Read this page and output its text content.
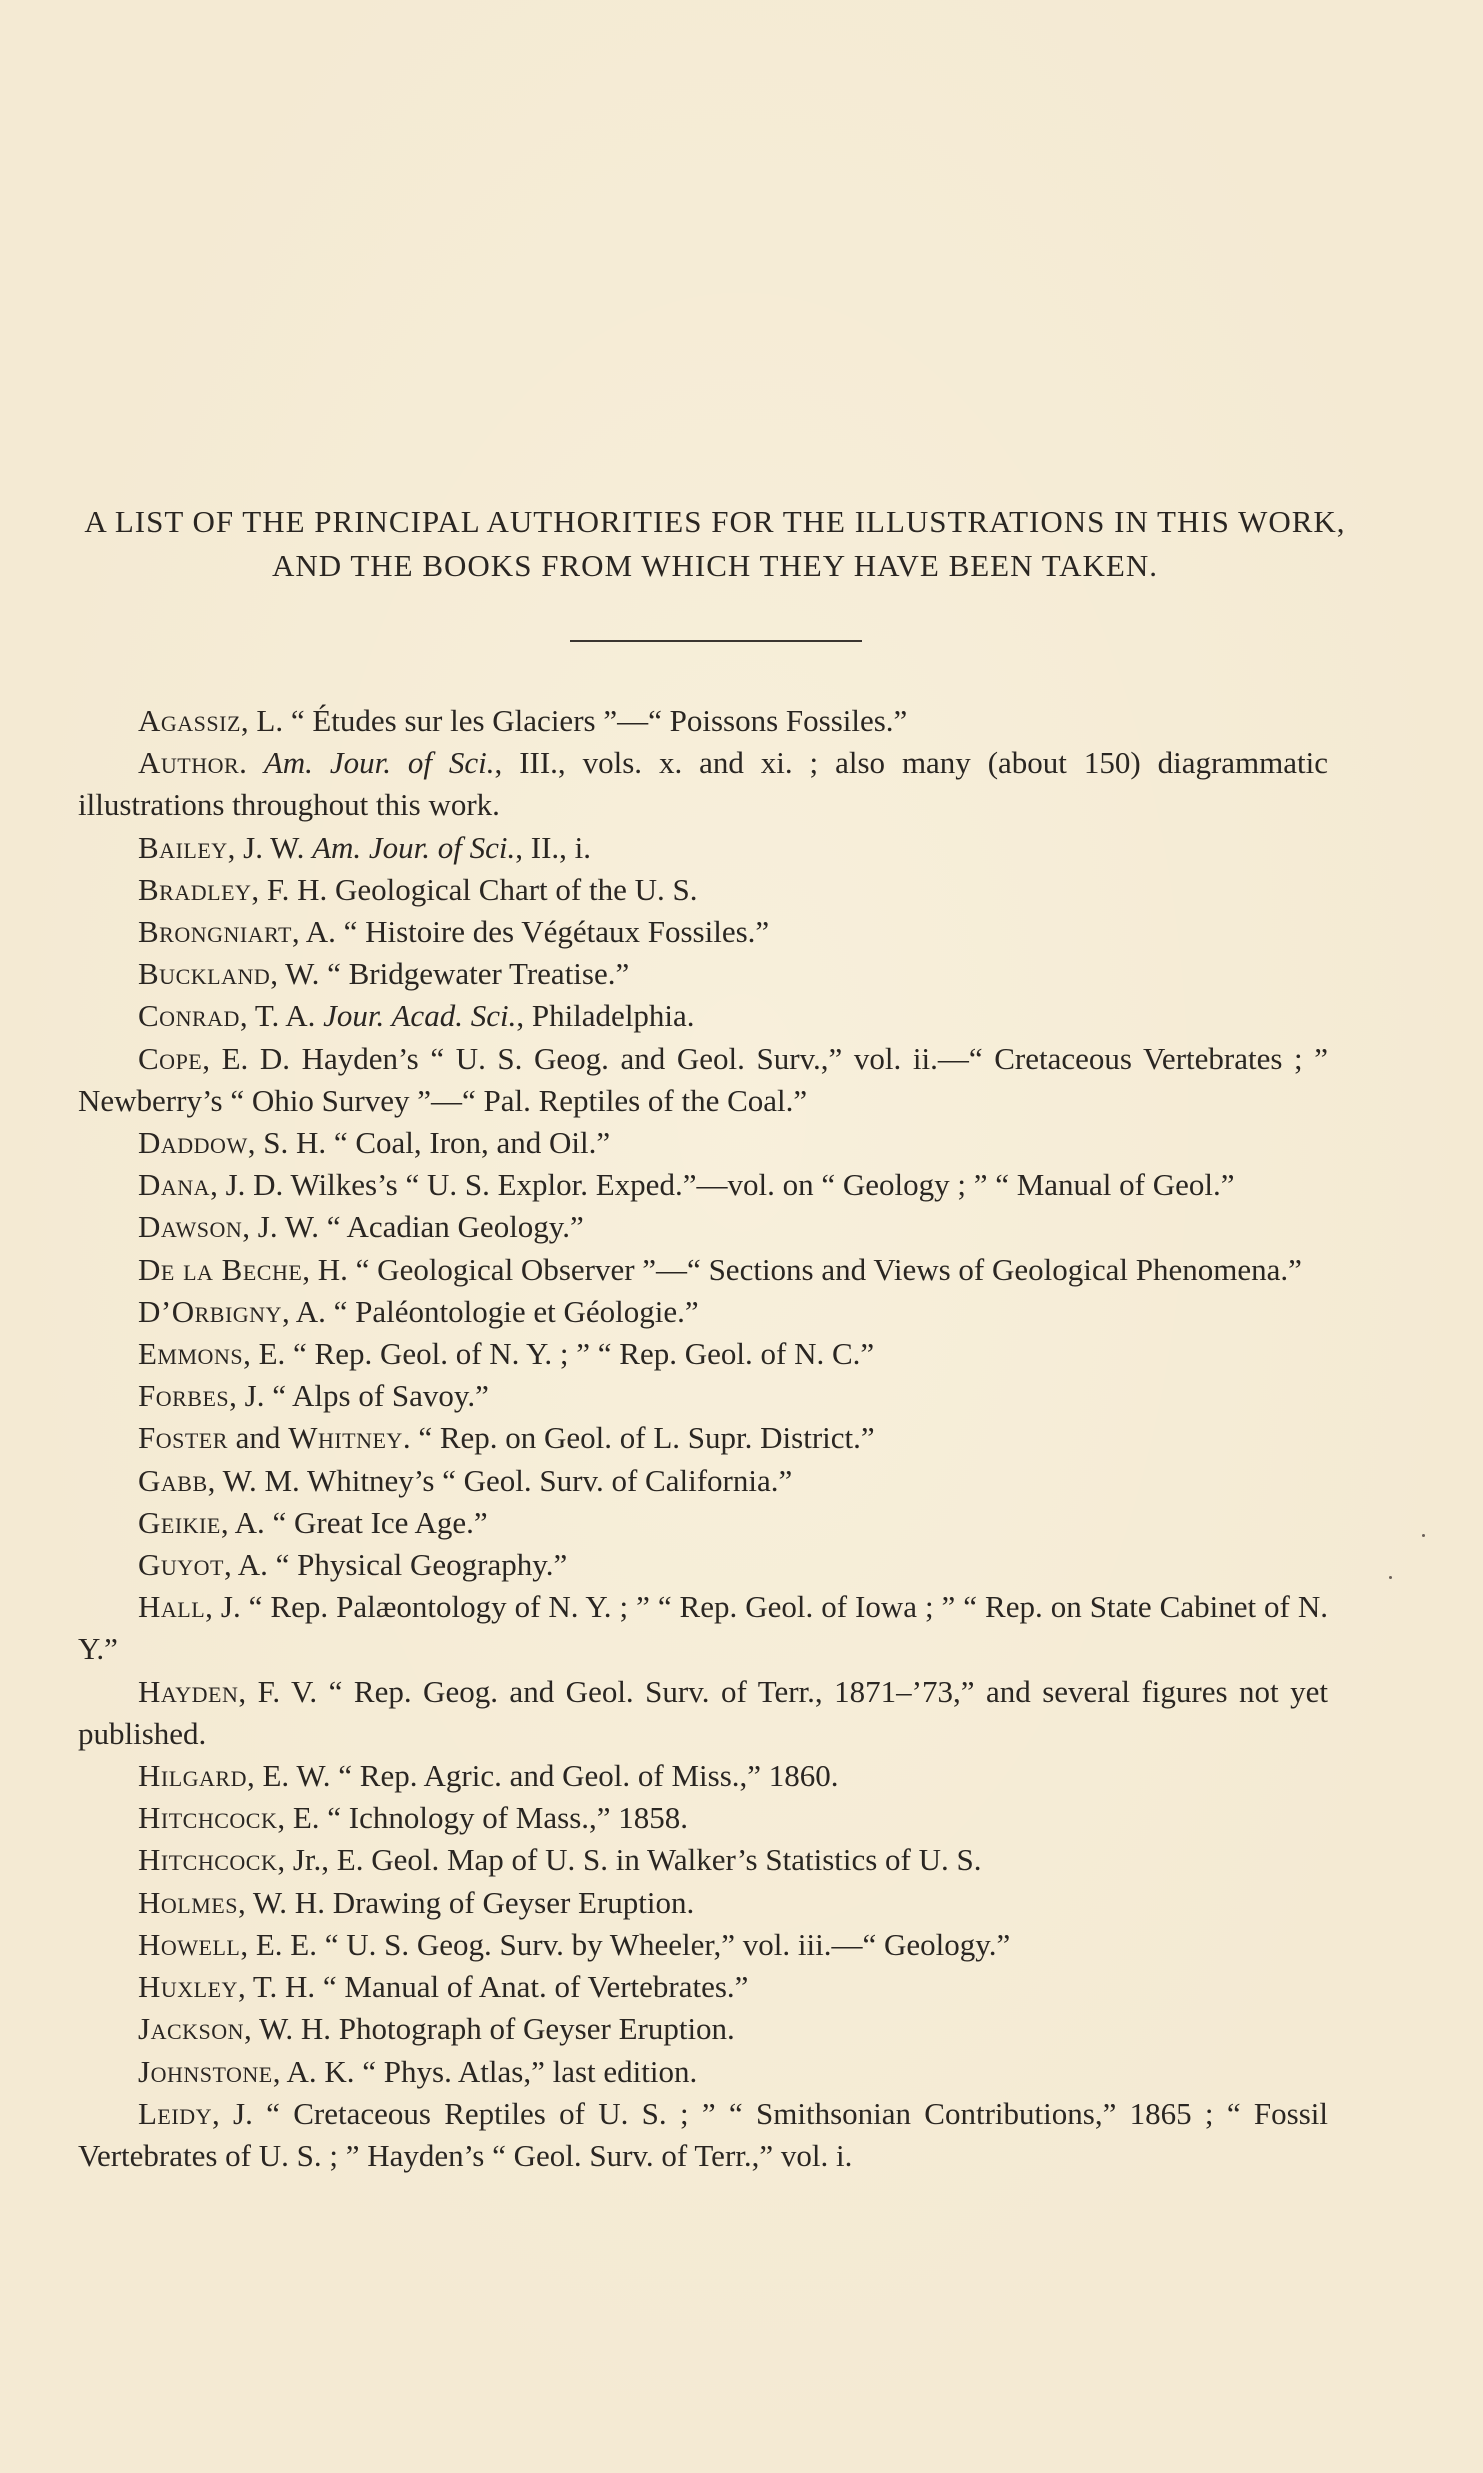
A LIST OF THE PRINCIPAL AUTHORITIES FOR THE ILLUSTRATIONS IN THIS WORK,
AND THE BOOKS FROM WHICH THEY HAVE BEEN TAKEN.

Agassiz, L. “ Études sur les Glaciers ”—“ Poissons Fossiles.”

Author. Am. Jour. of Sci., III., vols. x. and xi. ; also many (about 150) diagrammatic illustrations throughout this work.

Bailey, J. W. Am. Jour. of Sci., II., i.

Bradley, F. H. Geological Chart of the U. S.

Brongniart, A. “ Histoire des Végétaux Fossiles.”

Buckland, W. “ Bridgewater Treatise.”

Conrad, T. A. Jour. Acad. Sci., Philadelphia.

Cope, E. D. Hayden’s “ U. S. Geog. and Geol. Surv.,” vol. ii.—“ Cretaceous Vertebrates ; ” Newberry’s “ Ohio Survey ”—“ Pal. Reptiles of the Coal.”

Daddow, S. H. “ Coal, Iron, and Oil.”

Dana, J. D. Wilkes’s “ U. S. Explor. Exped.”—vol. on “ Geology ; ” “ Manual of Geol.”

Dawson, J. W. “ Acadian Geology.”

De la Beche, H. “ Geological Observer ”—“ Sections and Views of Geological Phenomena.”

D’Orbigny, A. “ Paléontologie et Géologie.”

Emmons, E. “ Rep. Geol. of N. Y. ; ” “ Rep. Geol. of N. C.”

Forbes, J. “ Alps of Savoy.”

Foster and Whitney. “ Rep. on Geol. of L. Supr. District.”

Gabb, W. M. Whitney’s “ Geol. Surv. of California.”

Geikie, A. “ Great Ice Age.”

Guyot, A. “ Physical Geography.”

Hall, J. “ Rep. Palæontology of N. Y. ; ” “ Rep. Geol. of Iowa ; ” “ Rep. on State Cabinet of N. Y.”

Hayden, F. V. “ Rep. Geog. and Geol. Surv. of Terr., 1871–’73,” and several figures not yet published.

Hilgard, E. W. “ Rep. Agric. and Geol. of Miss.,” 1860.

Hitchcock, E. “ Ichnology of Mass.,” 1858.

Hitchcock, Jr., E. Geol. Map of U. S. in Walker’s Statistics of U. S.

Holmes, W. H. Drawing of Geyser Eruption.

Howell, E. E. “ U. S. Geog. Surv. by Wheeler,” vol. iii.—“ Geology.”

Huxley, T. H. “ Manual of Anat. of Vertebrates.”

Jackson, W. H. Photograph of Geyser Eruption.

Johnstone, A. K. “ Phys. Atlas,” last edition.

Leidy, J. “ Cretaceous Reptiles of U. S. ; ” “ Smithsonian Contributions,” 1865 ; “ Fossil Vertebrates of U. S. ; ” Hayden’s “ Geol. Surv. of Terr.,” vol. i.
